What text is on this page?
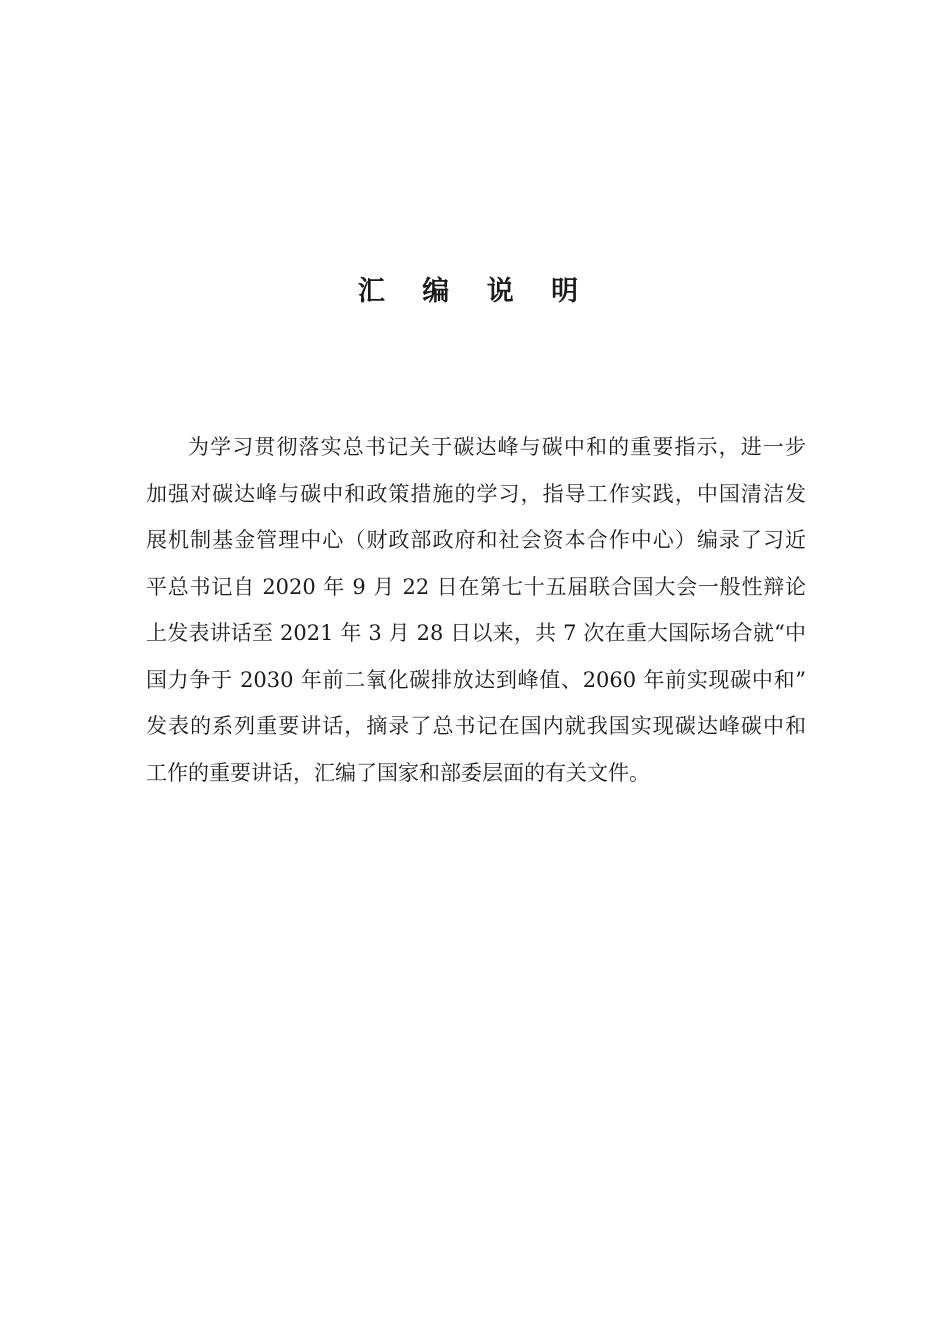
汇 编 说 明
为学习贯彻落实总书记关于碳达峰与碳中和的重要指示，进一步
加强对碳达峰与碳中和政策措施的学习，指导工作实践，中国清洁发
展机制基金管理中心（财政部政府和社会资本合作中心）编录了习近
平总书记自 2020 年 9 月 22 日在第七十五届联合国大会一般性辩论
上发表讲话至 2021 年 3 月 28 日以来，共 7 次在重大国际场合就“中
国力争于 2030 年前二氧化碳排放达到峰值、2060 年前实现碳中和”
发表的系列重要讲话，摘录了总书记在国内就我国实现碳达峰碳中和
工作的重要讲话，汇编了国家和部委层面的有关文件。
